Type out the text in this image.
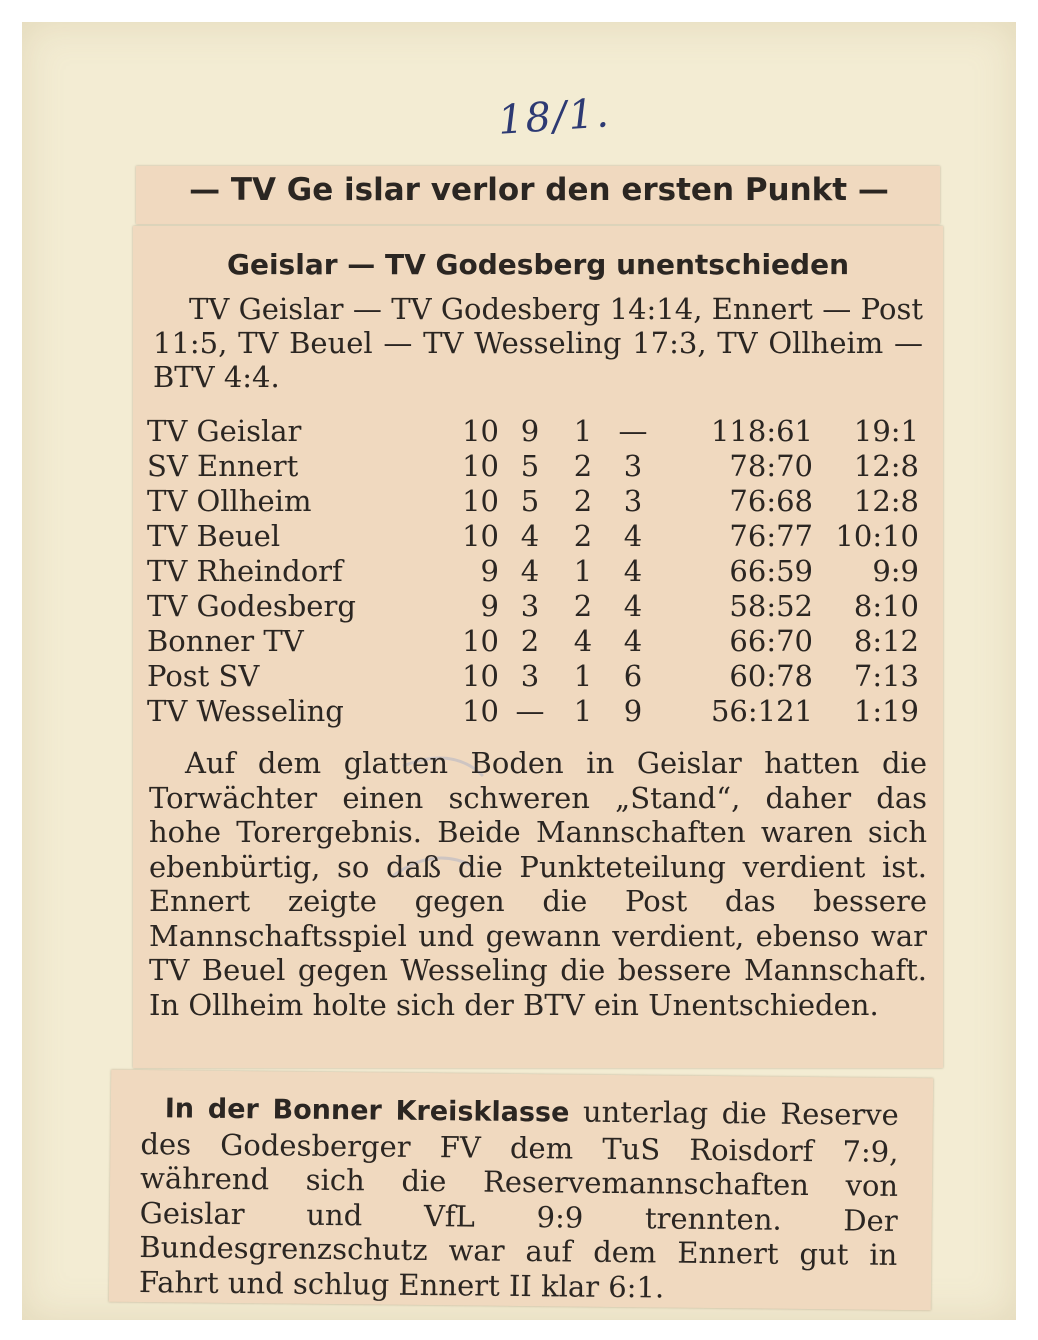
18/1.
— TV Ge islar verlor den ersten Punkt —
Geislar — TV Godesberg unentschieden

TV Geislar — TV Godesberg 14:14, Ennert — Post 11:5, TV Beuel — TV Wesseling 17:3, TV Ollheim — BTV 4:4.

TV Geislar	10	9	1	—	118:61	19:1
SV Ennert	10	5	2	3	78:70	12:8
TV Ollheim	10	5	2	3	76:68	12:8
TV Beuel	10	4	2	4	76:77	10:10
TV Rheindorf	9	4	1	4	66:59	9:9
TV Godesberg	9	3	2	4	58:52	8:10
Bonner TV	10	2	4	4	66:70	8:12
Post SV	10	3	1	6	60:78	7:13
TV Wesseling	10	—	1	9	56:121	1:19

Auf dem glatten Boden in Geislar hatten die Torwächter einen schweren „Stand“, daher das hohe Torergebnis. Beide Mannschaften waren sich ebenbürtig, so daß die Punkteteilung verdient ist. Ennert zeigte gegen die Post das bessere Mannschaftsspiel und gewann verdient, ebenso war TV Beuel gegen Wesseling die bessere Mannschaft. In Ollheim holte sich der BTV ein Unentschieden.

In der Bonner Kreisklasse unterlag die Reserve des Godesberger FV dem TuS Roisdorf 7:9, während sich die Reservemannschaften von Geislar und VfL 9:9 trennten. Der Bundesgrenzschutz war auf dem Ennert gut in Fahrt und schlug Ennert II klar 6:1.
